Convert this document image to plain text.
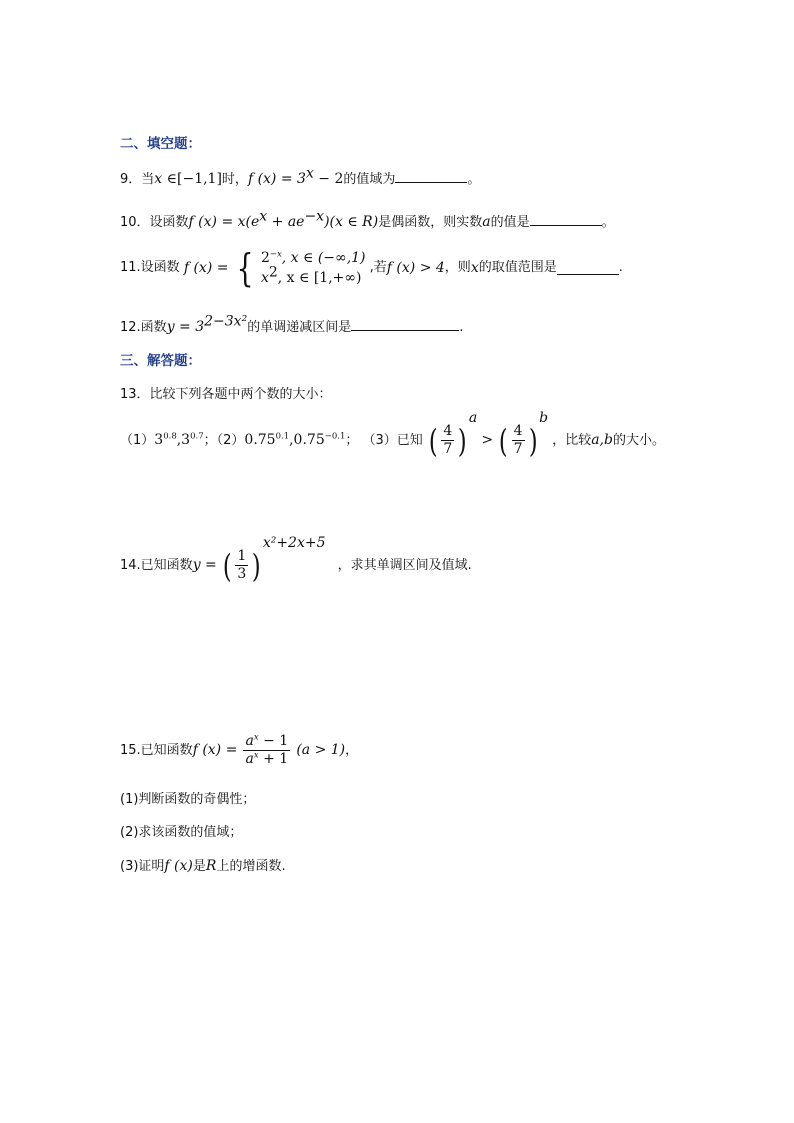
二、填空题：
9．当x ∈[−1,1]时，f $(x) = 3^x - 2$的值域为	。
10．设函数f $(x) = x(e^x + ae^{-x})(x$ ∈ R)是偶函数，则实数a的值是	。
11.设函数 f (x) = { $2^{-x}$, x ∈ (−∞,1)
$x^2$, x ∈ [1,+∞)
,若f (x) > 4，则x的取值范围是	.
12.函数$y = 3^{2-3x^2}$的单调递减区间是	.
三、解答题：
13．比较下列各题中两个数的大小：
$(1)3^{0.8},3^{0.7}$；$(2)0.75^{0.1},0.75^{-0.1}$； （3）已知 ( $\frac{4}{7} )^a$ > ( $\frac{4}{7} )^b$ ，比较a,b的大小。
14.已知函数y = ( $\frac{1}{3} )^{x^2+2x+5}$ ，求其单调区间及值域.
15.已知函数f $(x) = \frac{a^x - 1}{a^x + 1} (a > 1)$，
(1)判断函数的奇偶性；
(2)求该函数的值域；
(3)证明f (x)是R上的增函数.
